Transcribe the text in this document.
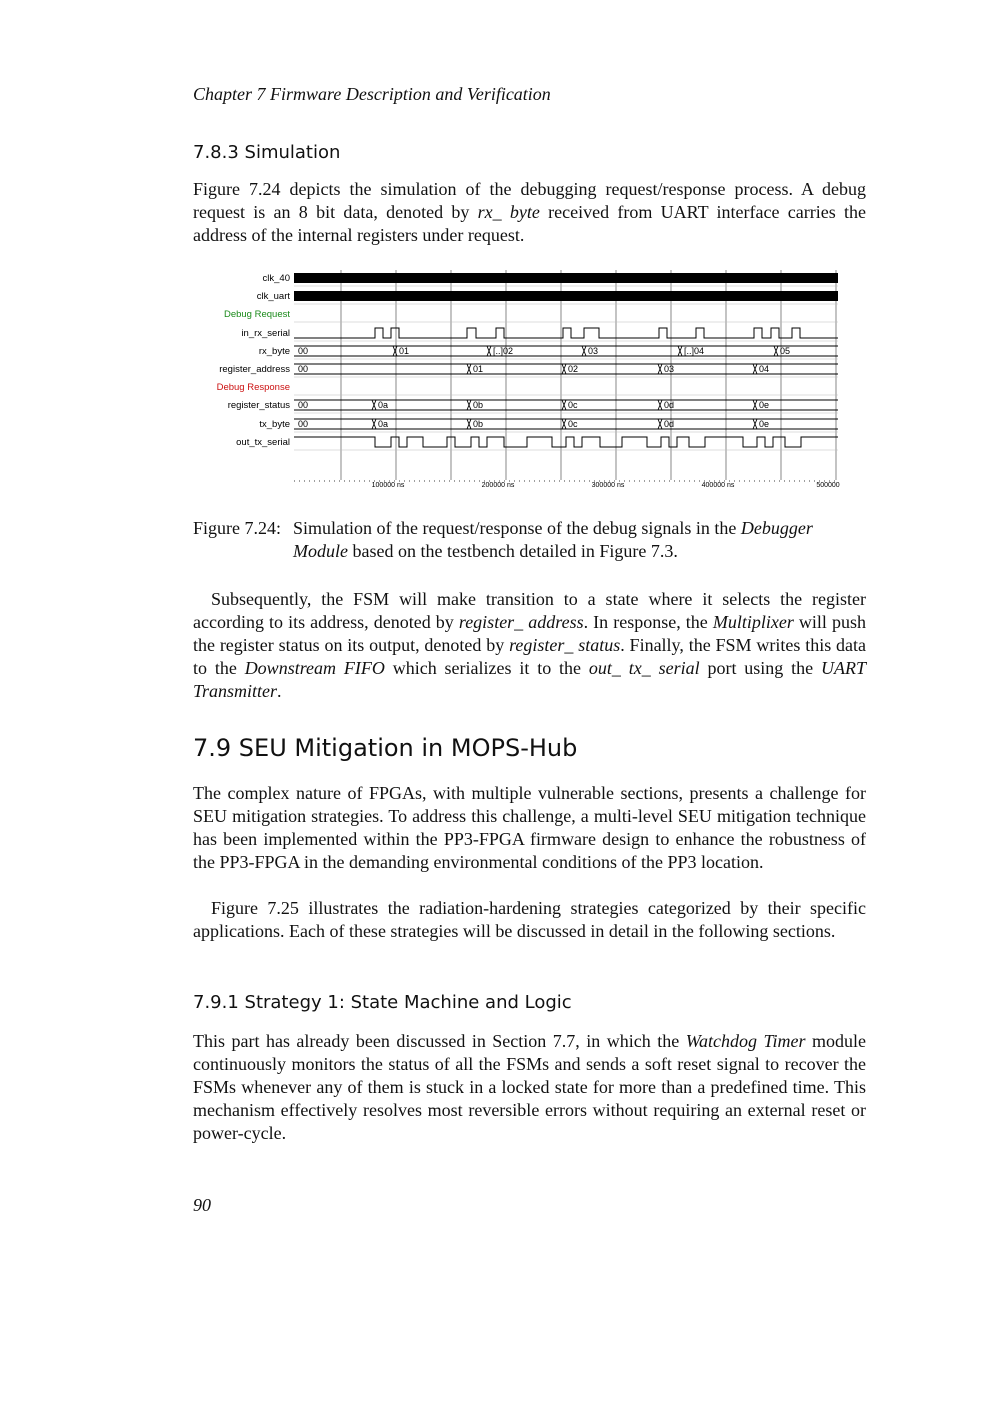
Chapter 7 Firmware Description and Verification
7.8.3 Simulation

Figure 7.24 depicts the simulation of the debugging request/response process. A debug request is an 8 bit data, denoted by rx_ byte received from UART interface carries the address of the internal registers under request.

clk_40
clk_uart
Debug Request
in_rx_serial
rx_byte 00	01	[..]02	03	[..]04	05
register_address 00	01	02	03	04
Debug Response
register_status 00	0a	0b	0c	0d	0e
tx_byte 00	0a	0b	0c	0d	0e
out_tx_serial
100000 ns	200000 ns	300000 ns	400000 ns	500000
Figure 7.24: Simulation of the request/response of the debug signals in the Debugger Module based on the testbench detailed in Figure 7.3.

Subsequently, the FSM will make transition to a state where it selects the register according to its address, denoted by register_ address. In response, the Multiplixer will push the register status on its output, denoted by register_ status. Finally, the FSM writes this data to the Downstream FIFO which serializes it to the out_ tx_ serial port using the UART Transmitter.

7.9 SEU Mitigation in MOPS-Hub

The complex nature of FPGAs, with multiple vulnerable sections, presents a challenge for SEU mitigation strategies. To address this challenge, a multi-level SEU mitigation technique has been implemented within the PP3-FPGA firmware design to enhance the robustness of the PP3-FPGA in the demanding environmental conditions of the PP3 location.

Figure 7.25 illustrates the radiation-hardening strategies categorized by their specific applications. Each of these strategies will be discussed in detail in the following sections.

7.9.1 Strategy 1: State Machine and Logic

This part has already been discussed in Section 7.7, in which the Watchdog Timer module continuously monitors the status of all the FSMs and sends a soft reset signal to recover the FSMs whenever any of them is stuck in a locked state for more than a predefined time. This mechanism effectively resolves most reversible errors without requiring an external reset or power-cycle.

90
